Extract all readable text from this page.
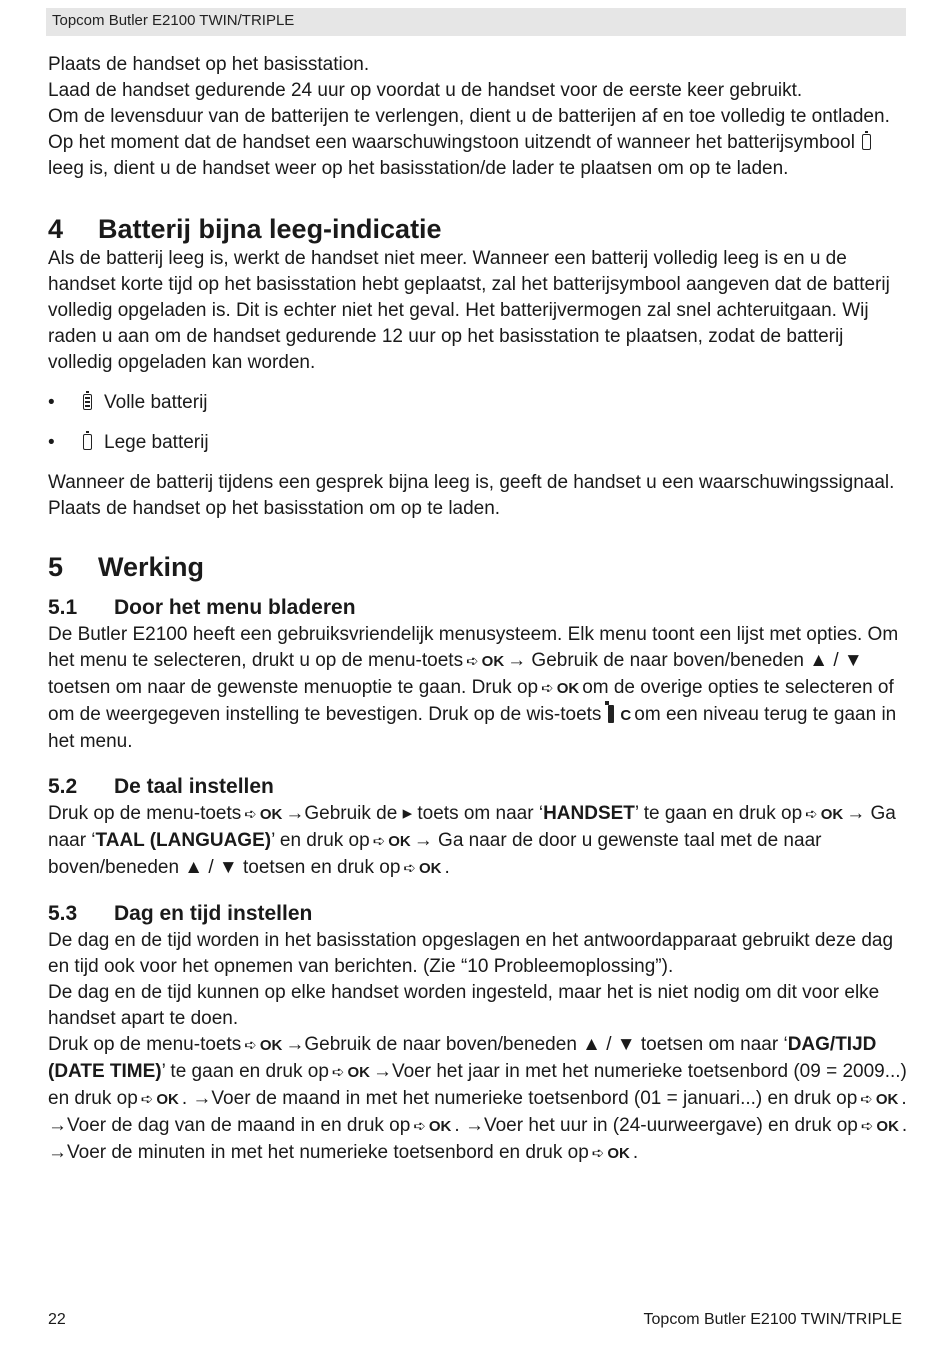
Topcom Butler E2100 TWIN/TRIPLE

Plaats de handset op het basisstation.

Laad de handset gedurende 24 uur op voordat u de handset voor de eerste keer gebruikt.

Om de levensduur van de batterijen te verlengen, dient u de batterijen af en toe volledig te ontladen. Op het moment dat de handset een waarschuwingstoon uitzendt of wanneer het batterijsymbool  leeg is, dient u de handset weer op het basisstation/de lader te plaatsen om op te laden.

4 Batterij bijna leeg-indicatie

Als de batterij leeg is, werkt de handset niet meer. Wanneer een batterij volledig leeg is en u de handset korte tijd op het basisstation hebt geplaatst, zal het batterijsymbool aangeven dat de batterij volledig opgeladen is. Dit is echter niet het geval. Het batterijvermogen zal snel achteruitgaan. Wij raden u aan om de handset gedurende 12 uur op het basisstation te plaatsen, zodat de batterij volledig opgeladen kan worden.

•	Volle batterij
•	Lege batterij

Wanneer de batterij tijdens een gesprek bijna leeg is, geeft de handset u een waarschuwingssignaal. Plaats de handset op het basisstation om op te laden.

5 Werking

5.1 Door het menu bladeren

De Butler E2100 heeft een gebruiksvriendelijk menusysteem. Elk menu toont een lijst met opties. Om het menu te selecteren, drukt u op de menu-toets ➪ OK → Gebruik de naar boven/beneden ▲ / ▼ toetsen om naar de gewenste menuoptie te gaan. Druk op ➪ OK om de overige opties te selecteren of om de weergegeven instelling te bevestigen. Druk op de wis-toets C om een niveau terug te gaan in het menu.

5.2 De taal instellen

Druk op de menu-toets ➪ OK →Gebruik de ▸ toets om naar ‘HANDSET’ te gaan en druk op ➪ OK → Ga naar ‘TAAL (LANGUAGE)’ en druk op ➪ OK → Ga naar de door u gewenste taal met de naar boven/beneden ▲ / ▼ toetsen en druk op ➪ OK .

5.3 Dag en tijd instellen

De dag en de tijd worden in het basisstation opgeslagen en het antwoordapparaat gebruikt deze dag en tijd ook voor het opnemen van berichten. (Zie “10 Probleemoplossing”).

De dag en de tijd kunnen op elke handset worden ingesteld, maar het is niet nodig om dit voor elke handset apart te doen.

Druk op de menu-toets ➪ OK →Gebruik de naar boven/beneden ▲ / ▼ toetsen om naar ‘DAG/TIJD (DATE TIME)’ te gaan en druk op ➪ OK →Voer het jaar in met het numerieke toetsenbord (09 = 2009...) en druk op ➪ OK . →Voer de maand in met het numerieke toetsenbord (01 = januari...) en druk op ➪ OK . →Voer de dag van de maand in en druk op ➪ OK . →Voer het uur in (24-uurweergave) en druk op ➪ OK . →Voer de minuten in met het numerieke toetsenbord en druk op ➪ OK .

22	Topcom Butler E2100 TWIN/TRIPLE
